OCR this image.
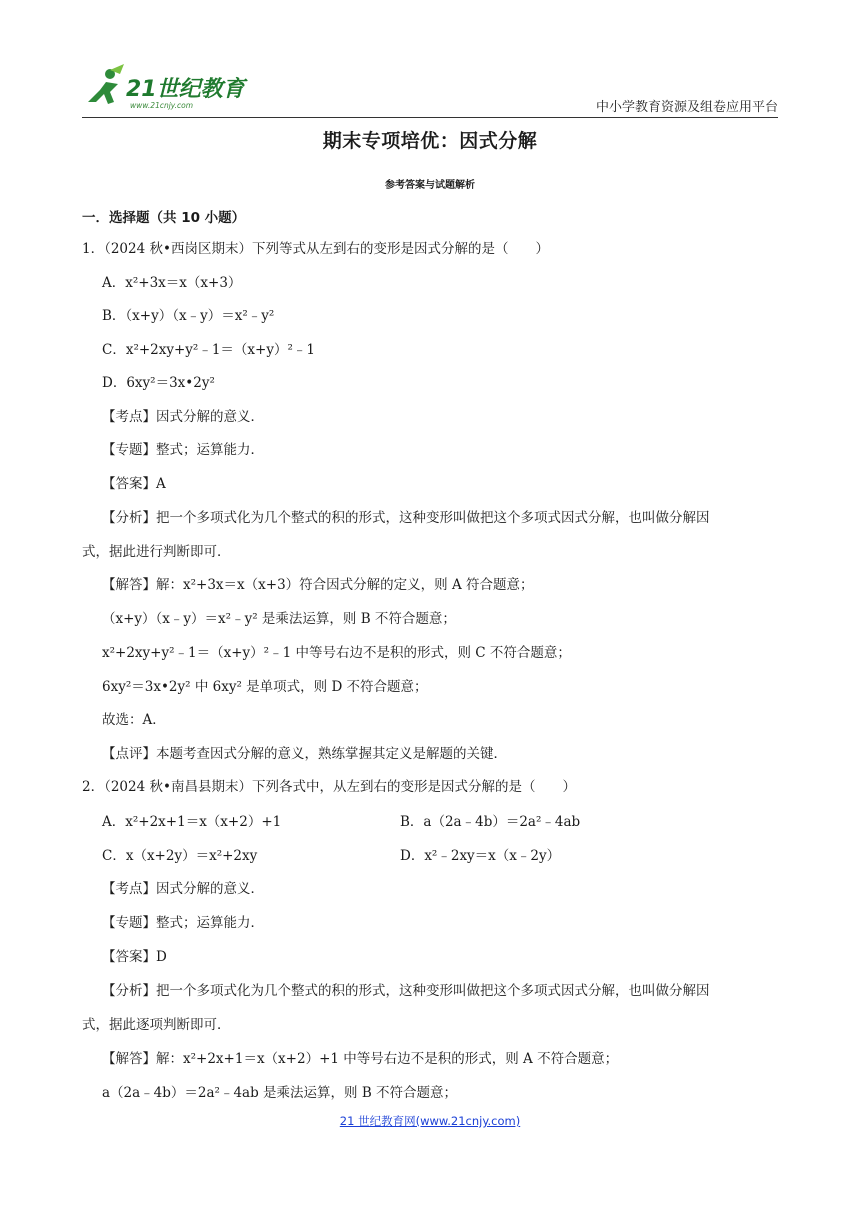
21世纪教育
www.21cnjy.com	中小学教育资源及组卷应用平台
期末专项培优：因式分解
参考答案与试题解析
一．选择题（共 10 小题）
1．（2024 秋•西岗区期末）下列等式从左到右的变形是因式分解的是（　　）
A．x²+3x＝x（x+3）
B．（x+y）（x﹣y）＝x²﹣y²
C．x²+2xy+y²﹣1＝（x+y）²﹣1
D．6xy²＝3x•2y²
【考点】因式分解的意义．
【专题】整式；运算能力．
【答案】A
【分析】把一个多项式化为几个整式的积的形式，这种变形叫做把这个多项式因式分解，也叫做分解因
式，据此进行判断即可．
【解答】解：x²+3x＝x（x+3）符合因式分解的定义，则 A 符合题意；
（x+y）（x﹣y）＝x²﹣y² 是乘法运算，则 B 不符合题意；
x²+2xy+y²﹣1＝（x+y）²﹣1 中等号右边不是积的形式，则 C 不符合题意；
6xy²＝3x•2y² 中 6xy² 是单项式，则 D 不符合题意；
故选：A．
【点评】本题考查因式分解的意义，熟练掌握其定义是解题的关键．
2．（2024 秋•南昌县期末）下列各式中，从左到右的变形是因式分解的是（　　）
A．x²+2x+1＝x（x+2）+1	B．a（2a﹣4b）＝2a²﹣4ab
C．x（x+2y）＝x²+2xy	D．x²﹣2xy＝x（x﹣2y）
【考点】因式分解的意义．
【专题】整式；运算能力．
【答案】D
【分析】把一个多项式化为几个整式的积的形式，这种变形叫做把这个多项式因式分解，也叫做分解因
式，据此逐项判断即可．
【解答】解：x²+2x+1＝x（x+2）+1 中等号右边不是积的形式，则 A 不符合题意；
a（2a﹣4b）＝2a²﹣4ab 是乘法运算，则 B 不符合题意；
21 世纪教育网(www.21cnjy.com)
